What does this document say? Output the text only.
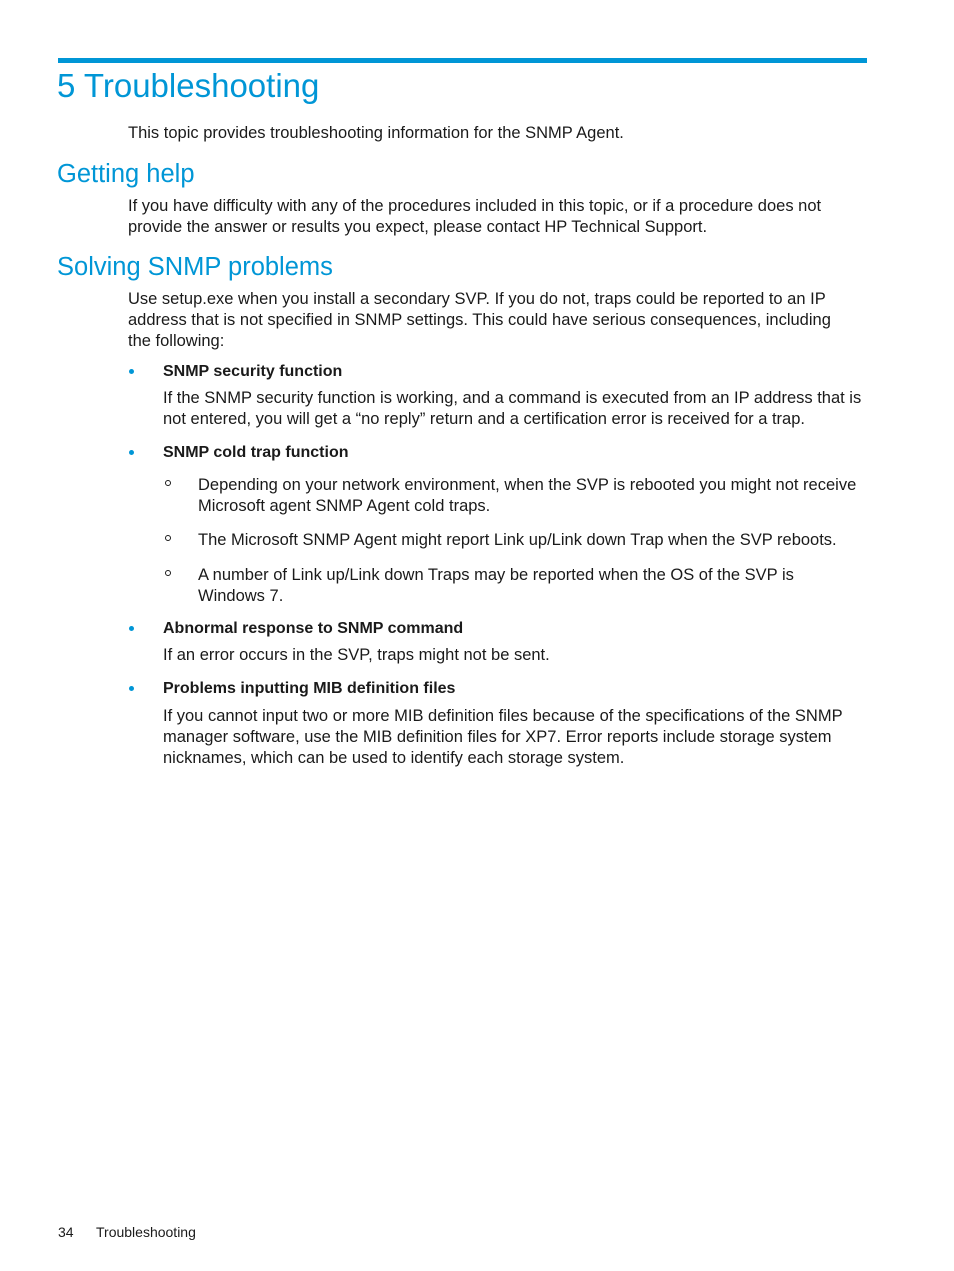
5 Troubleshooting

This topic provides troubleshooting information for the SNMP Agent.

Getting help

If you have difficulty with any of the procedures included in this topic, or if a procedure does not provide the answer or results you expect, please contact HP Technical Support.

Solving SNMP problems

Use setup.exe when you install a secondary SVP. If you do not, traps could be reported to an IP address that is not specified in SNMP settings. This could have serious consequences, including the following:

SNMP security function

If the SNMP security function is working, and a command is executed from an IP address that is not entered, you will get a “no reply” return and a certification error is received for a trap.

SNMP cold trap function

Depending on your network environment, when the SVP is rebooted you might not receive Microsoft agent SNMP Agent cold traps.

The Microsoft SNMP Agent might report Link up/Link down Trap when the SVP reboots.

A number of Link up/Link down Traps may be reported when the OS of the SVP is Windows 7.

Abnormal response to SNMP command

If an error occurs in the SVP, traps might not be sent.

Problems inputting MIB definition files

If you cannot input two or more MIB definition files because of the specifications of the SNMP manager software, use the MIB definition files for XP7. Error reports include storage system nicknames, which can be used to identify each storage system.

34 Troubleshooting
